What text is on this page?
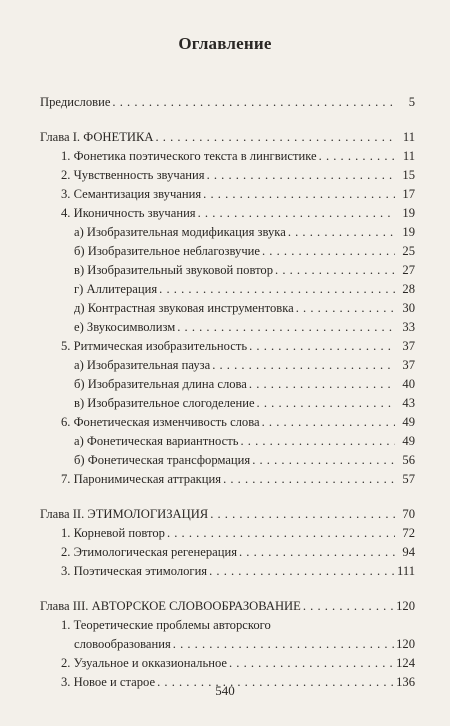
Оглавление
Предисловие . . .	5
Глава I. ФОНЕТИКА . . .	11
1. Фонетика поэтического текста в лингвистике . . .	11
2. Чувственность звучания . . .	15
3. Семантизация звучания . . .	17
4. Иконичность звучания . . .	19
а) Изобразительная модификация звука . . .	19
б) Изобразительное неблагозвучие . . .	25
в) Изобразительный звуковой повтор . . .	27
г) Аллитерация . . .	28
д) Контрастная звуковая инструментовка . . .	30
е) Звукосимволизм . . .	33
5. Ритмическая изобразительность . . .	37
а) Изобразительная пауза . . .	37
б) Изобразительная длина слова . . .	40
в) Изобразительное слогоделение . . .	43
6. Фонетическая изменчивость слова . . .	49
а) Фонетическая вариантность . . .	49
б) Фонетическая трансформация . . .	56
7. Паронимическая аттракция . . .	57
Глава II. ЭТИМОЛОГИЗАЦИЯ . . .	70
1. Корневой повтор . . .	72
2. Этимологическая регенерация . . .	94
3. Поэтическая этимология . . .	111
Глава III. АВТОРСКОЕ СЛОВООБРАЗОВАНИЕ . . .	120
1. Теоретические проблемы авторского
словообразования . . .	120
2. Узуальное и окказиональное . . .	124
3. Новое и старое . . .	136
540
